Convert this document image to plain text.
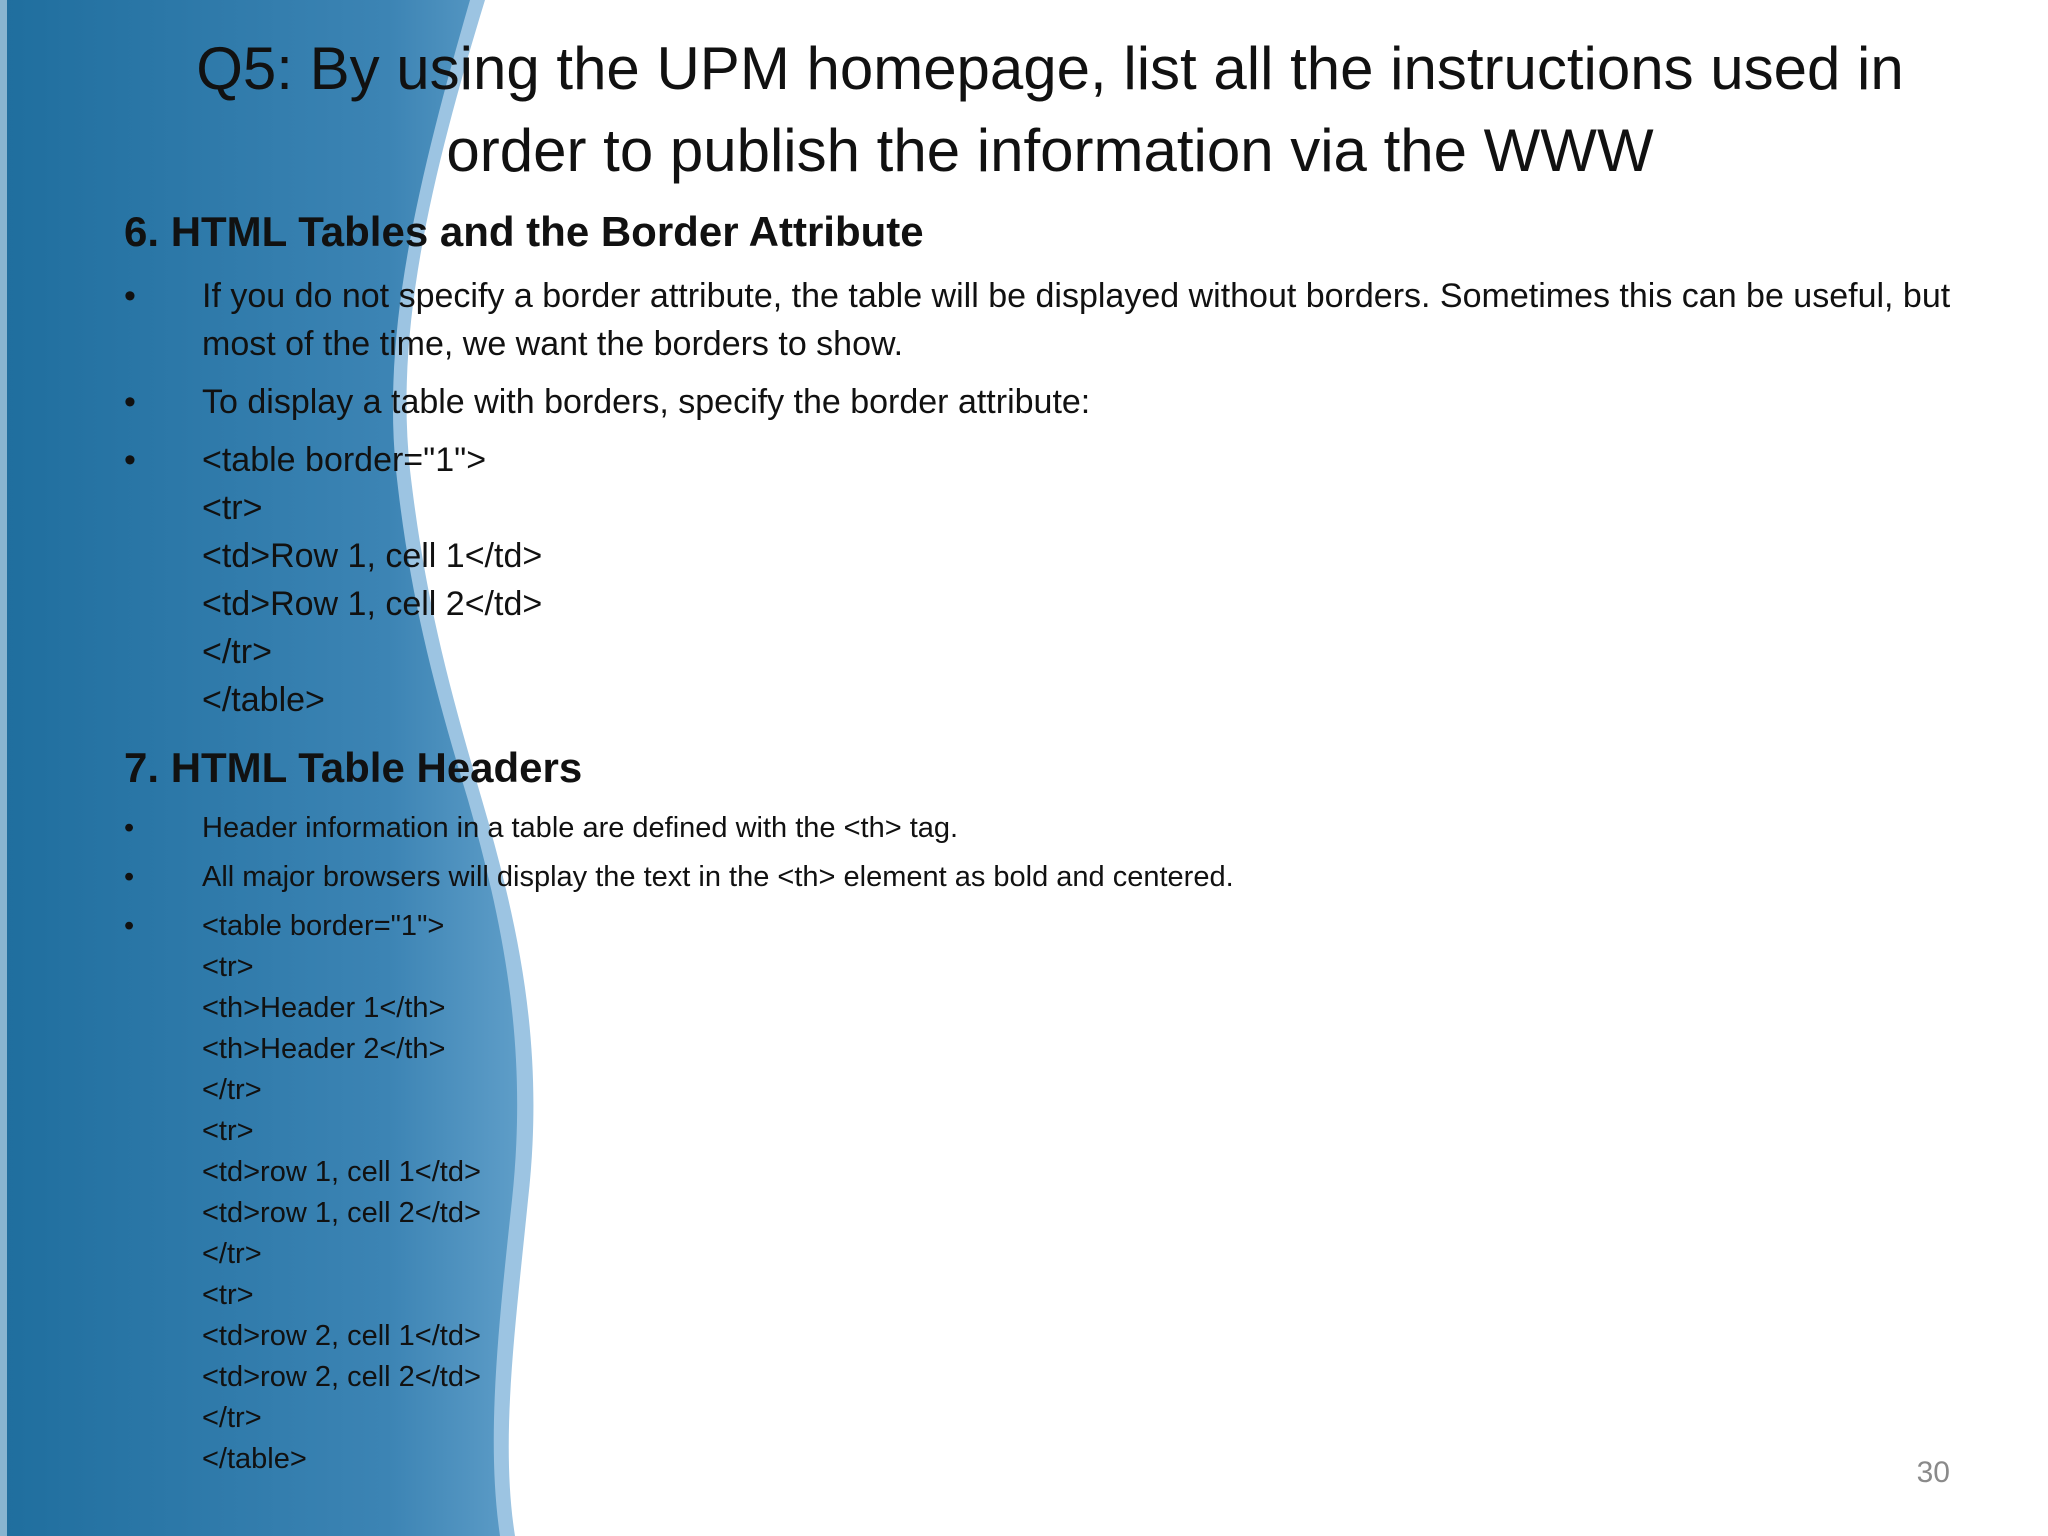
Q5: By using the UPM homepage, list all the instructions used in order to publish the information via the WWW
6. HTML Tables and the Border Attribute
• If you do not specify a border attribute, the table will be displayed without borders. Sometimes this can be useful, but most of the time, we want the borders to show.
• To display a table with borders, specify the border attribute:
• <table border="1">
<tr>
<td>Row 1, cell 1</td>
<td>Row 1, cell 2</td>
</tr>
</table>
7. HTML Table Headers
• Header information in a table are defined with the <th> tag.
• All major browsers will display the text in the <th> element as bold and centered.
• <table border="1">
<tr>
<th>Header 1</th>
<th>Header 2</th>
</tr>
<tr>
<td>row 1, cell 1</td>
<td>row 1, cell 2</td>
</tr>
<tr>
<td>row 2, cell 1</td>
<td>row 2, cell 2</td>
</tr>
</table>	30
